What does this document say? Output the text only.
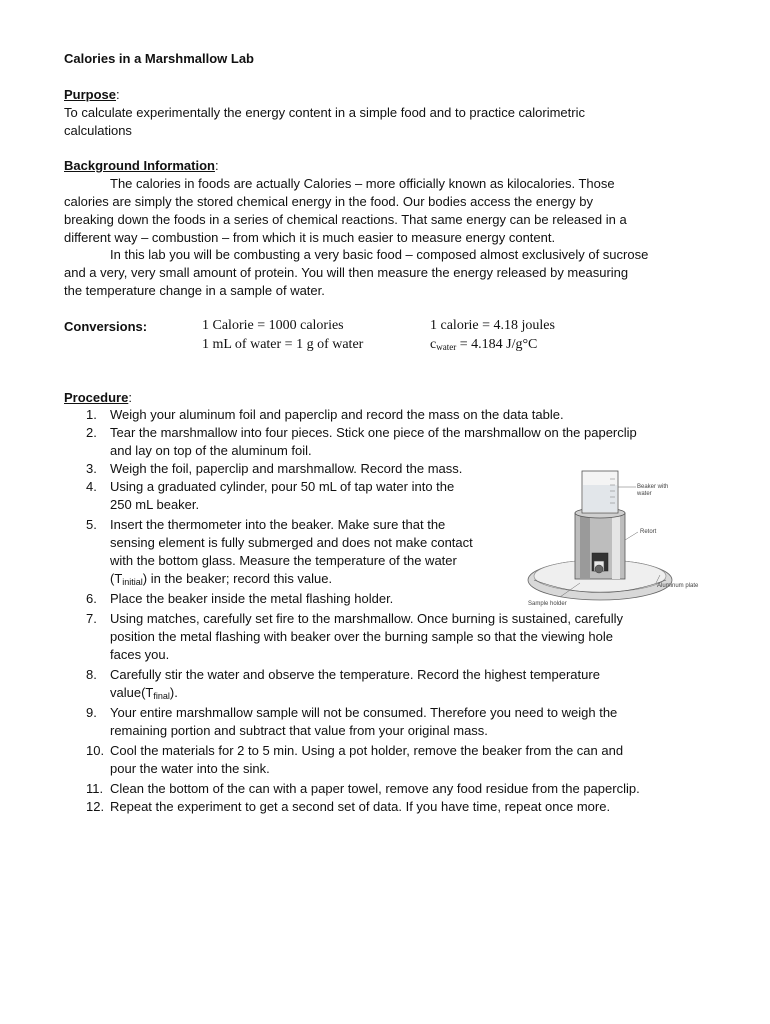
Calories in a Marshmallow Lab
Purpose:
To calculate experimentally the energy content in a simple food and to practice calorimetric
calculations
Background Information:
The calories in foods are actually Calories – more officially known as kilocalories. Those
calories are simply the stored chemical energy in the food. Our bodies access the energy by
breaking down the foods in a series of chemical reactions. That same energy can be released in a
different way – combustion – from which it is much easier to measure energy content.
In this lab you will be combusting a very basic food – composed almost exclusively of sucrose
and a very, very small amount of protein. You will then measure the energy released by measuring
the temperature change in a sample of water.
Conversions:	1 Calorie = 1000 calories
1 mL of water = 1 g of water
1 calorie = 4.18 joules
$c_{water} = 4.184$ J/g°C
Procedure:
1. Weigh your aluminum foil and paperclip and record the mass on the data table.
2. Tear the marshmallow into four pieces. Stick one piece of the marshmallow on the paperclip
and lay on top of the aluminum foil.
3. Weigh the foil, paperclip and marshmallow. Record the mass.
4. Using a graduated cylinder, pour 50 mL of tap water into the
250 mL beaker.
5. Insert the thermometer into the beaker. Make sure that the
sensing element is fully submerged and does not make contact
with the bottom glass. Measure the temperature of the water
$(T_{initial})$ in the beaker; record this value.
6. Place the beaker inside the metal flashing holder.
7. Using matches, carefully set fire to the marshmallow. Once burning is sustained, carefully
position the metal flashing with beaker over the burning sample so that the viewing hole
faces you.
8. Carefully stir the water and observe the temperature. Record the highest temperature
$value(T_{final})$.
9. Your entire marshmallow sample will not be consumed. Therefore you need to weigh the
remaining portion and subtract that value from your original mass.
10. Cool the materials for 2 to 5 min. Using a pot holder, remove the beaker from the can and
pour the water into the sink.
11. Clean the bottom of the can with a paper towel, remove any food residue from the paperclip.
12. Repeat the experiment to get a second set of data. If you have time, repeat once more.
Beaker with
water
Retort
Aluminum plate
Sample holder
